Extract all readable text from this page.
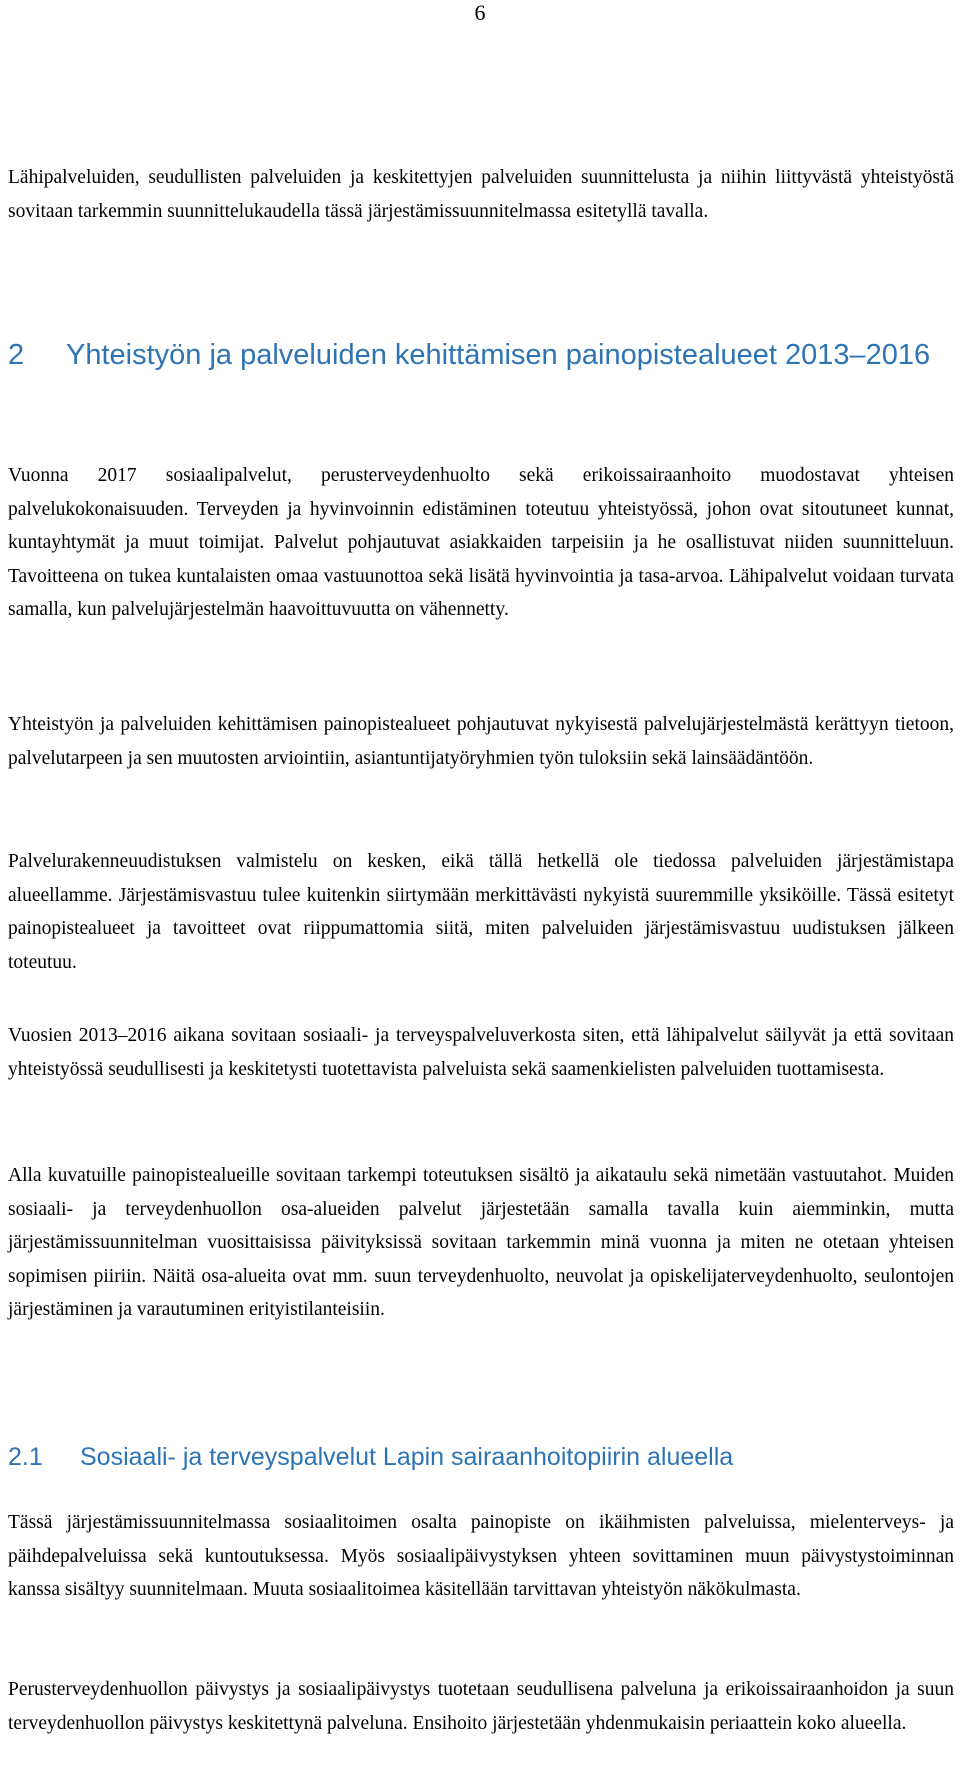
6

Lähipalveluiden, seudullisten palveluiden ja keskitettyjen palveluiden suunnittelusta ja niihin liittyvästä yhteistyöstä sovitaan tarkemmin suunnittelukaudella tässä järjestämissuunnitelmassa esitetyllä tavalla.

2 Yhteistyön ja palveluiden kehittämisen painopistealueet 2013–2016

Vuonna 2017 sosiaalipalvelut, perusterveydenhuolto sekä erikoissairaanhoito muodostavat yhteisen palvelukokonaisuuden. Terveyden ja hyvinvoinnin edistäminen toteutuu yhteistyössä, johon ovat sitoutuneet kunnat, kuntayhtymät ja muut toimijat. Palvelut pohjautuvat asiakkaiden tarpeisiin ja he osallistuvat niiden suunnitteluun. Tavoitteena on tukea kuntalaisten omaa vastuunottoa sekä lisätä hyvinvointia ja tasa-arvoa. Lähipalvelut voidaan turvata samalla, kun palvelujärjestelmän haavoittuvuutta on vähennetty.

Yhteistyön ja palveluiden kehittämisen painopistealueet pohjautuvat nykyisestä palvelujärjestelmästä kerättyyn tietoon, palvelutarpeen ja sen muutosten arviointiin, asiantuntijatyöryhmien työn tuloksiin sekä lainsäädäntöön.

Palvelurakenneuudistuksen valmistelu on kesken, eikä tällä hetkellä ole tiedossa palveluiden järjestämistapa alueellamme. Järjestämisvastuu tulee kuitenkin siirtymään merkittävästi nykyistä suuremmille yksiköille. Tässä esitetyt painopistealueet ja tavoitteet ovat riippumattomia siitä, miten palveluiden järjestämisvastuu uudistuksen jälkeen toteutuu.

Vuosien 2013–2016 aikana sovitaan sosiaali- ja terveyspalveluverkosta siten, että lähipalvelut säilyvät ja että sovitaan yhteistyössä seudullisesti ja keskitetysti tuotettavista palveluista sekä saamenkielisten palveluiden tuottamisesta.

Alla kuvatuille painopistealueille sovitaan tarkempi toteutuksen sisältö ja aikataulu sekä nimetään vastuutahot. Muiden sosiaali- ja terveydenhuollon osa-alueiden palvelut järjestetään samalla tavalla kuin aiemminkin, mutta järjestämissuunnitelman vuosittaisissa päivityksissä sovitaan tarkemmin minä vuonna ja miten ne otetaan yhteisen sopimisen piiriin. Näitä osa-alueita ovat mm. suun terveydenhuolto, neuvolat ja opiskelijaterveydenhuolto, seulontojen järjestäminen ja varautuminen erityistilanteisiin.

2.1 Sosiaali- ja terveyspalvelut Lapin sairaanhoitopiirin alueella

Tässä järjestämissuunnitelmassa sosiaalitoimen osalta painopiste on ikäihmisten palveluissa, mielenterveys- ja päihdepalveluissa sekä kuntoutuksessa. Myös sosiaalipäivystyksen yhteen sovittaminen muun päivystystoiminnan kanssa sisältyy suunnitelmaan. Muuta sosiaalitoimea käsitellään tarvittavan yhteistyön näkökulmasta.

Perusterveydenhuollon päivystys ja sosiaalipäivystys tuotetaan seudullisena palveluna ja erikoissairaanhoidon ja suun terveydenhuollon päivystys keskitettynä palveluna. Ensihoito järjestetään yhdenmukaisin periaattein koko alueella.
